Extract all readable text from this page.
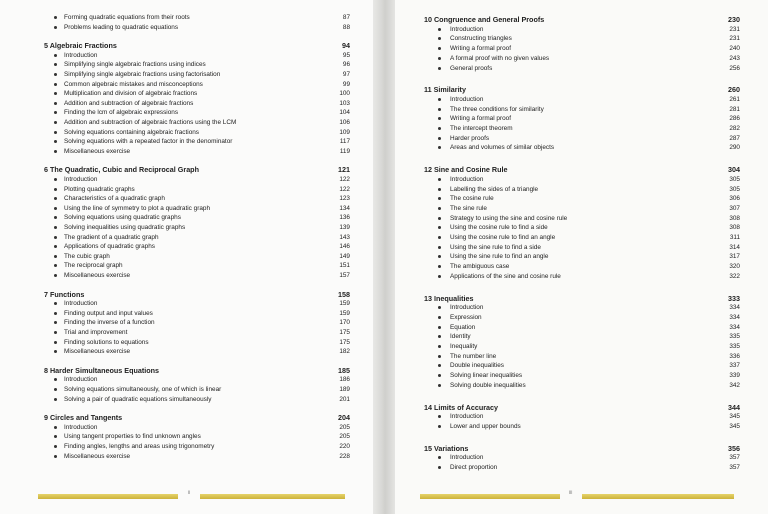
Forming quadratic equations from their roots	87
Problems leading to quadratic equations	88
5 Algebraic Fractions	94
Introduction	95
Simplifying single algebraic fractions using indices	96
Simplifying single algebraic fractions using factorisation	97
Common algebraic mistakes and misconceptions	99
Multiplication and division of algebraic fractions	100
Addition and subtraction of algebraic fractions	103
Finding the lcm of algebraic expressions	104
Addition and subtraction of algebraic fractions using the LCM	106
Solving equations containing algebraic fractions	109
Solving equations with a repeated factor in the denominator	117
Miscellaneous exercise	119
6 The Quadratic, Cubic and Reciprocal Graph	121
Introduction	122
Plotting quadratic graphs	122
Characteristics of a quadratic graph	123
Using the line of symmetry to plot a quadratic graph	134
Solving equations using quadratic graphs	136
Solving inequalities using quadratic graphs	139
The gradient of a quadratic graph	143
Applications of quadratic graphs	146
The cubic graph	149
The reciprocal graph	151
Miscellaneous exercise	157
7 Functions	158
Introduction	159
Finding output and input values	159
Finding the inverse of a function	170
Trial and improvement	175
Finding solutions to equations	175
Miscellaneous exercise	182
8 Harder Simultaneous Equations	185
Introduction	186
Solving equations simultaneously, one of which is linear	189
Solving a pair of quadratic equations simultaneously	201
9 Circles and Tangents	204
Introduction	205
Using tangent properties to find unknown angles	205
Finding angles, lengths and areas using trigonometry	220
Miscellaneous exercise	228
10 Congruence and General Proofs	230
Introduction	231
Constructing triangles	231
Writing a formal proof	240
A formal proof with no given values	243
General proofs	256
11 Similarity	260
Introduction	261
The three conditions for similarity	281
Writing a formal proof	286
The intercept theorem	282
Harder proofs	287
Areas and volumes of similar objects	290
12 Sine and Cosine Rule	304
Introduction	305
Labelling the sides of a triangle	305
The cosine rule	306
The sine rule	307
Strategy to using the sine and cosine rule	308
Using the cosine rule to find a side	308
Using the cosine rule to find an angle	311
Using the sine rule to find a side	314
Using the sine rule to find an angle	317
The ambiguous case	320
Applications of the sine and cosine rule	322
13 Inequalities	333
Introduction	334
Expression	334
Equation	334
Identity	335
Inequality	335
The number line	336
Double inequalities	337
Solving linear inequalities	339
Solving double inequalities	342
14 Limits of Accuracy	344
Introduction	345
Lower and upper bounds	345
15 Variations	356
Introduction	357
Direct proportion	357
ii	iii
